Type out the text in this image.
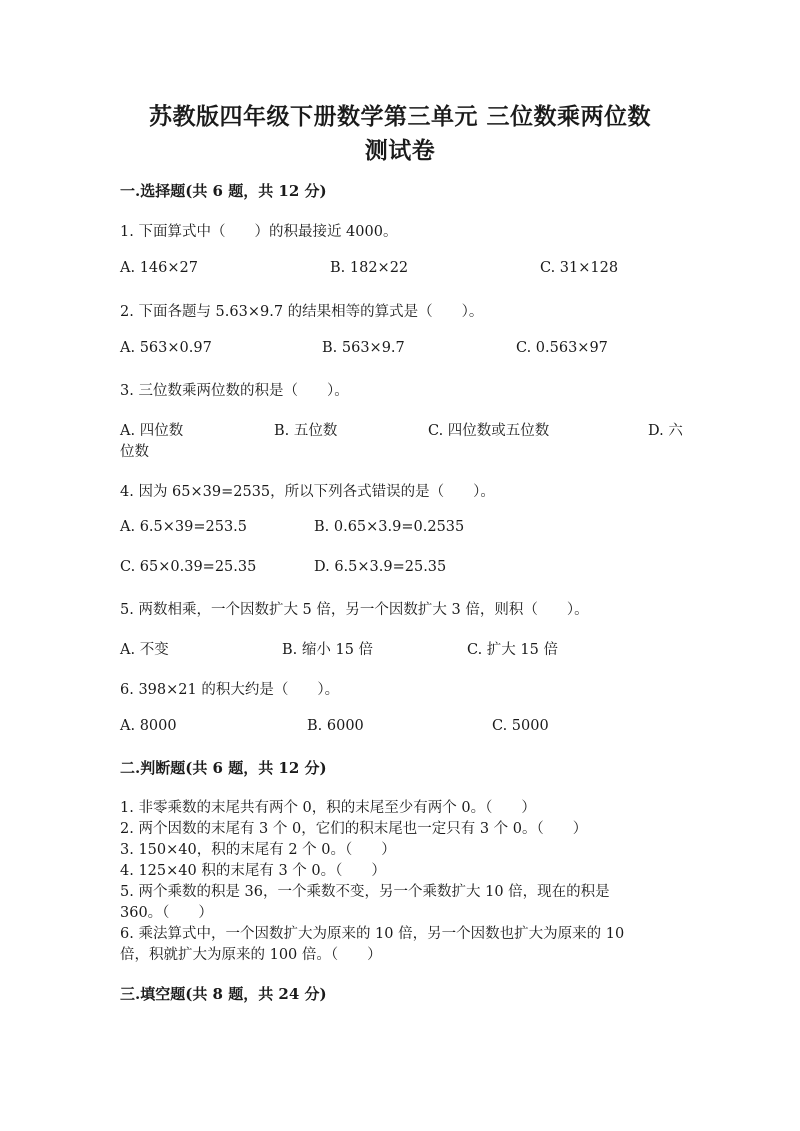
苏教版四年级下册数学第三单元 三位数乘两位数
测试卷
一.选择题(共 6 题，共 12 分)
1. 下面算式中（　　）的积最接近 4000。
A. 146×27	B. 182×22	C. 31×128
2. 下面各题与 5.63×9.7 的结果相等的算式是（　　）。
A. 563×0.97	B. 563×9.7	C. 0.563×97
3. 三位数乘两位数的积是（　　）。
A. 四位数	B. 五位数	C. 四位数或五位数	D. 六
位数
4. 因为 65×39=2535，所以下列各式错误的是（　　）。
A. 6.5×39=253.5	B. 0.65×3.9=0.2535
C. 65×0.39=25.35	D. 6.5×3.9=25.35
5. 两数相乘，一个因数扩大 5 倍，另一个因数扩大 3 倍，则积（　　）。
A. 不变	B. 缩小 15 倍	C. 扩大 15 倍
6. 398×21 的积大约是（　　）。
A. 8000	B. 6000	C. 5000
二.判断题(共 6 题，共 12 分)
1. 非零乘数的末尾共有两个 0，积的末尾至少有两个 0。（　　）
2. 两个因数的末尾有 3 个 0，它们的积末尾也一定只有 3 个 0。（　　）
3. 150×40，积的末尾有 2 个 0。（　　）
4. 125×40 积的末尾有 3 个 0。（　　）
5. 两个乘数的积是 36，一个乘数不变，另一个乘数扩大 10 倍，现在的积是
360。（　　）
6. 乘法算式中，一个因数扩大为原来的 10 倍，另一个因数也扩大为原来的 10
倍，积就扩大为原来的 100 倍。（　　）
三.填空题(共 8 题，共 24 分)
